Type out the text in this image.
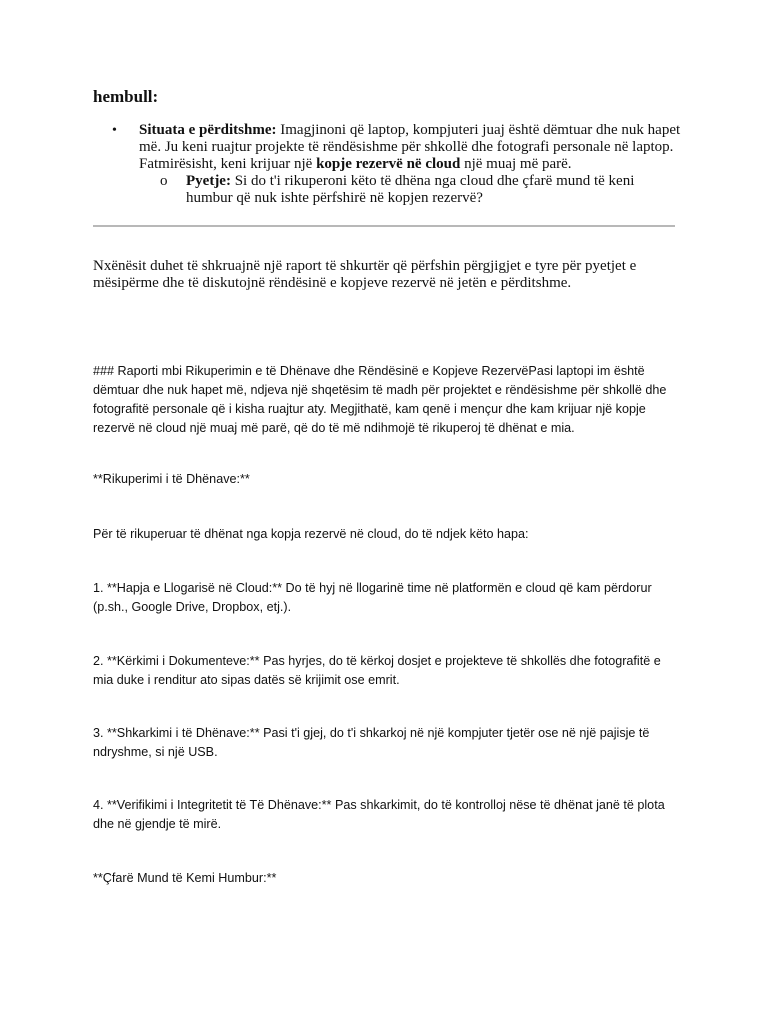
hembull:
•	Situata e përditshme: Imagjinoni që laptop, kompjuteri juaj është dëmtuar dhe nuk hapet më. Ju keni ruajtur projekte të rëndësishme për shkollë dhe fotografi personale në laptop. Fatmirësisht, keni krijuar një kopje rezervë në cloud një muaj më parë.
o	Pyetje: Si do t'i rikuperoni këto të dhëna nga cloud dhe çfarë mund të keni humbur që nuk ishte përfshirë në kopjen rezervë?

Nxënësit duhet të shkruajnë një raport të shkurtër që përfshin përgjigjet e tyre për pyetjet e mësipërme dhe të diskutojnë rëndësinë e kopjeve rezervë në jetën e përditshme.

### Raporti mbi Rikuperimin e të Dhënave dhe Rëndësinë e Kopjeve RezervëPasi laptopi im është dëmtuar dhe nuk hapet më, ndjeva një shqetësim të madh për projektet e rëndësishme për shkollë dhe fotografitë personale që i kisha ruajtur aty. Megjithatë, kam qenë i mençur dhe kam krijuar një kopje rezervë në cloud një muaj më parë, që do të më ndihmojë të rikuperoj të dhënat e mia.

**Rikuperimi i të Dhënave:**

Për të rikuperuar të dhënat nga kopja rezervë në cloud, do të ndjek këto hapa:

1. **Hapja e Llogarisë në Cloud:** Do të hyj në llogarinë time në platformën e cloud që kam përdorur (p.sh., Google Drive, Dropbox, etj.).

2. **Kërkimi i Dokumenteve:** Pas hyrjes, do të kërkoj dosjet e projekteve të shkollës dhe fotografitë e mia duke i renditur ato sipas datës së krijimit ose emrit.

3. **Shkarkimi i të Dhënave:** Pasi t'i gjej, do t'i shkarkoj në një kompjuter tjetër ose në një pajisje të ndryshme, si një USB.

4. **Verifikimi i Integritetit të Të Dhënave:** Pas shkarkimit, do të kontrolloj nëse të dhënat janë të plota dhe në gjendje të mirë.

**Çfarë Mund të Kemi Humbur:**
